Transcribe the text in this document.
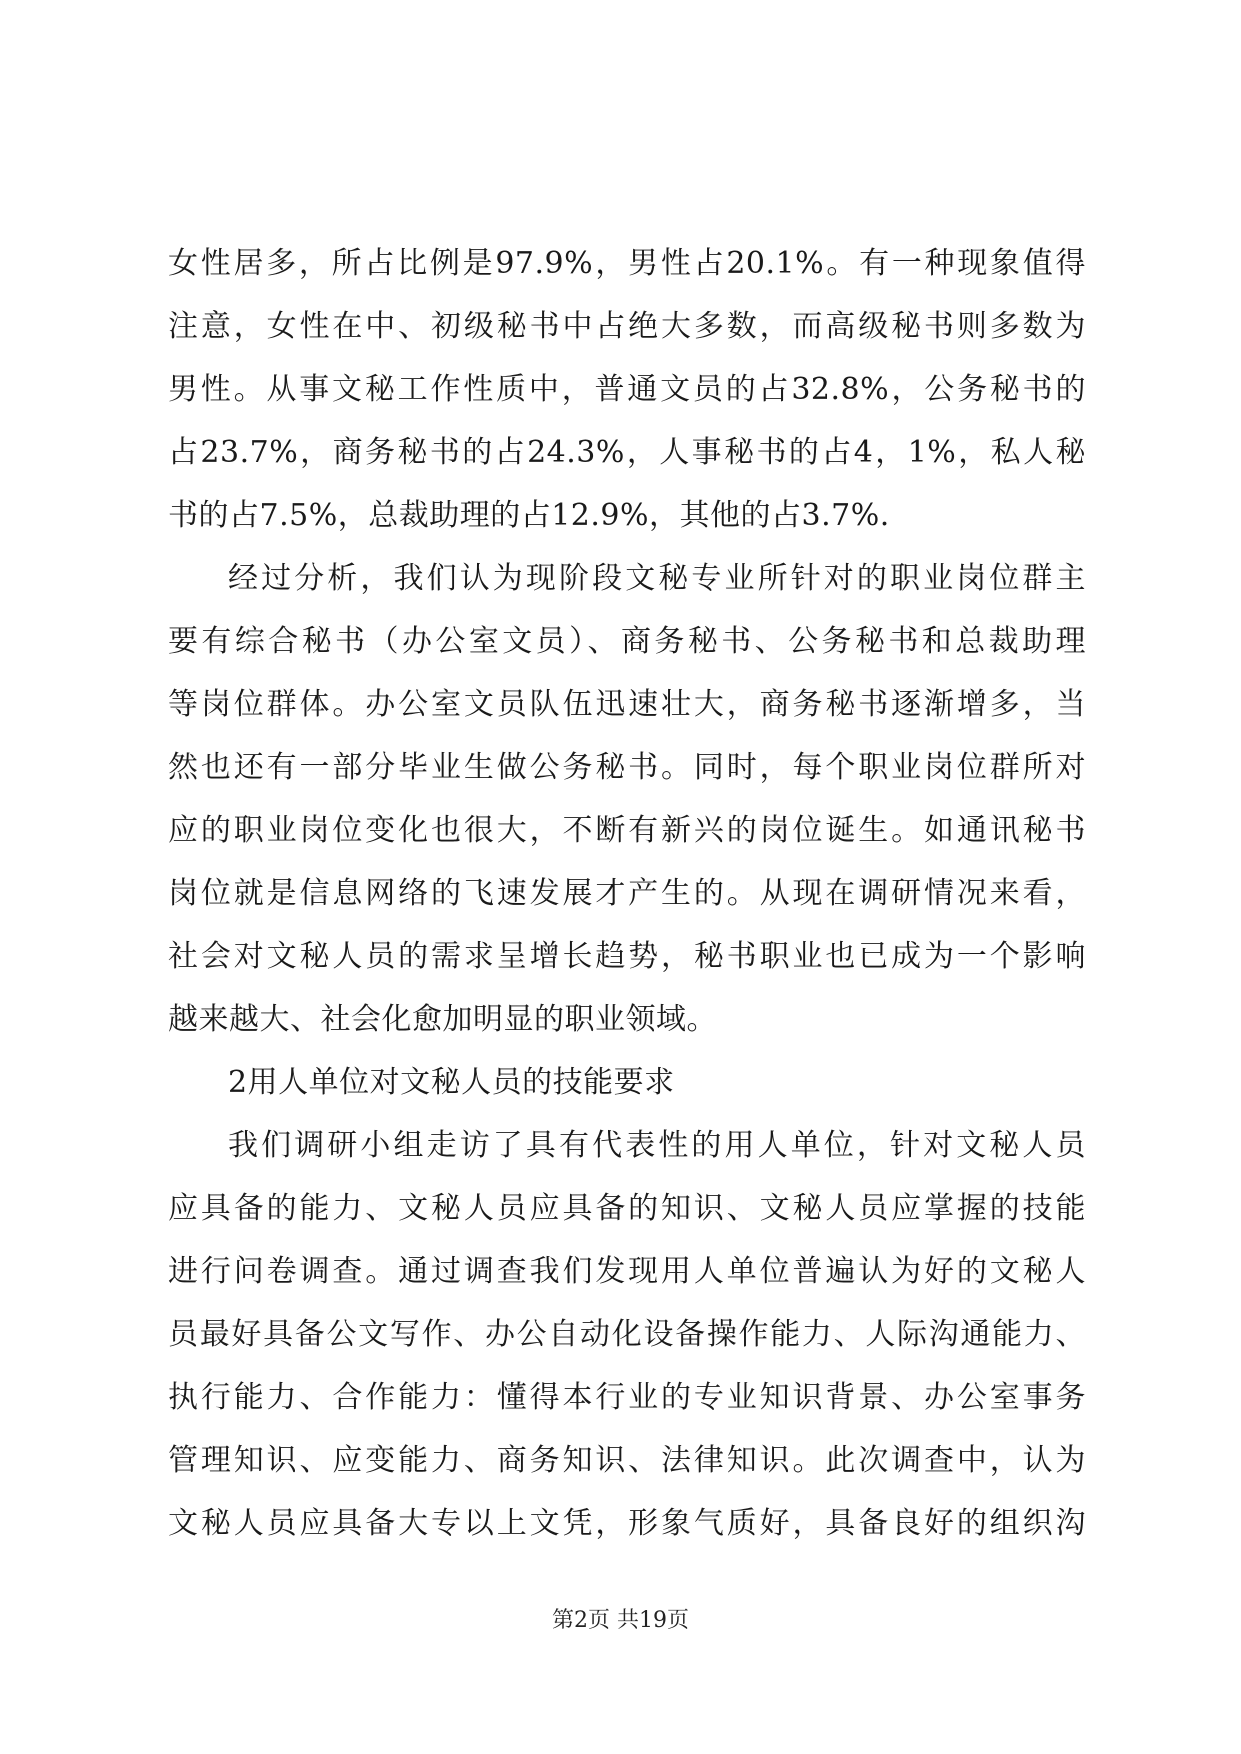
女性居多，所占比例是97.9%，男性占20.1%。有一种现象值得
注意，女性在中、初级秘书中占绝大多数，而高级秘书则多数为
男性。从事文秘工作性质中，普通文员的占32.8%，公务秘书的
占23.7%，商务秘书的占24.3%，人事秘书的占4，1%，私人秘
书的占7.5%，总裁助理的占12.9%，其他的占3.7%.
经过分析，我们认为现阶段文秘专业所针对的职业岗位群主
要有综合秘书（办公室文员）、商务秘书、公务秘书和总裁助理
等岗位群体。办公室文员队伍迅速壮大，商务秘书逐渐增多，当
然也还有一部分毕业生做公务秘书。同时，每个职业岗位群所对
应的职业岗位变化也很大，不断有新兴的岗位诞生。如通讯秘书
岗位就是信息网络的飞速发展才产生的。从现在调研情况来看，
社会对文秘人员的需求呈增长趋势，秘书职业也已成为一个影响
越来越大、社会化愈加明显的职业领域。
2用人单位对文秘人员的技能要求
我们调研小组走访了具有代表性的用人单位，针对文秘人员
应具备的能力、文秘人员应具备的知识、文秘人员应掌握的技能
进行问卷调查。通过调查我们发现用人单位普遍认为好的文秘人
员最好具备公文写作、办公自动化设备操作能力、人际沟通能力、
执行能力、合作能力：懂得本行业的专业知识背景、办公室事务
管理知识、应变能力、商务知识、法律知识。此次调查中，认为
文秘人员应具备大专以上文凭，形象气质好，具备良好的组织沟
第2页 共19页
